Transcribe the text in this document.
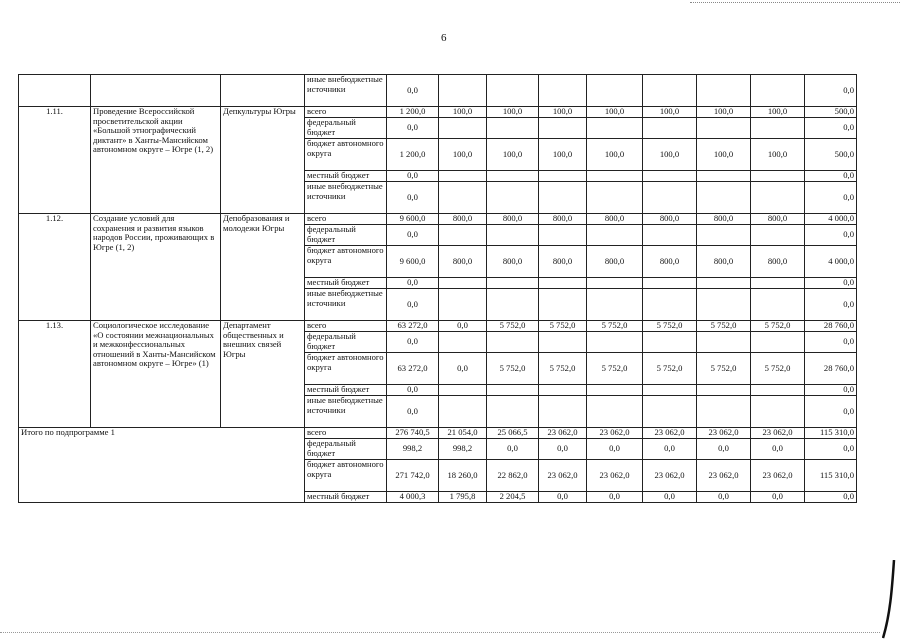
6
			иные внебюджетные источники	0,0								0,0
1.11.	Проведение Всероссийской просветительской акции «Большой этнографический диктант» в Ханты-Мансийском автономном округе – Югре (1, 2)	Депкультуры Югры	всего	1 200,0	100,0	100,0	100,0	100,0	100,0	100,0	100,0	500,0
			федеральный бюджет	0,0								0,0
			бюджет автономного округа	1 200,0	100,0	100,0	100,0	100,0	100,0	100,0	100,0	500,0
			местный бюджет	0,0								0,0
			иные внебюджетные источники	0,0								0,0
1.12.	Создание условий для сохранения и развития языков народов России, проживающих в Югре (1, 2)	Депобразования и молодежи Югры	всего	9 600,0	800,0	800,0	800,0	800,0	800,0	800,0	800,0	4 000,0
			федеральный бюджет	0,0								0,0
			бюджет автономного округа	9 600,0	800,0	800,0	800,0	800,0	800,0	800,0	800,0	4 000,0
			местный бюджет	0,0								0,0
			иные внебюджетные источники	0,0								0,0
1.13.	Социологическое исследование «О состоянии межнациональных и межконфессиональных отношений в Ханты-Мансийском автономном округе – Югре» (1)	Департамент общественных и внешних связей Югры	всего	63 272,0	0,0	5 752,0	5 752,0	5 752,0	5 752,0	5 752,0	5 752,0	28 760,0
			федеральный бюджет	0,0								0,0
			бюджет автономного округа	63 272,0	0,0	5 752,0	5 752,0	5 752,0	5 752,0	5 752,0	5 752,0	28 760,0
			местный бюджет	0,0								0,0
			иные внебюджетные источники	0,0								0,0
Итого по подпрограмме 1			всего	276 740,5	21 054,0	25 066,5	23 062,0	23 062,0	23 062,0	23 062,0	23 062,0	115 310,0
			федеральный бюджет	998,2	998,2	0,0	0,0	0,0	0,0	0,0	0,0	0,0
			бюджет автономного округа	271 742,0	18 260,0	22 862,0	23 062,0	23 062,0	23 062,0	23 062,0	23 062,0	115 310,0
			местный бюджет	4 000,3	1 795,8	2 204,5	0,0	0,0	0,0	0,0	0,0	0,0
